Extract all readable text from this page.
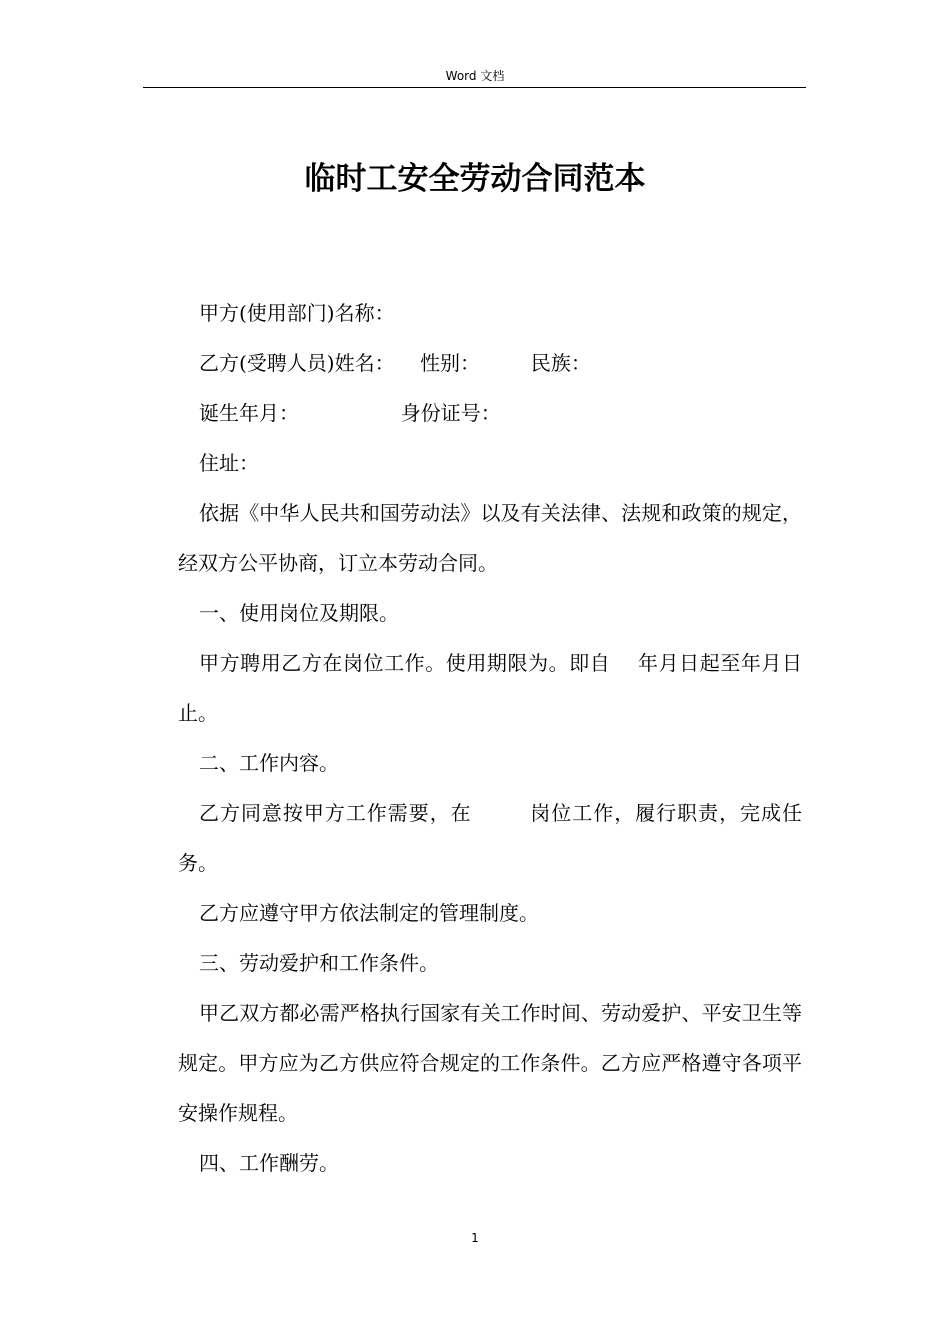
Word 文档
临时工安全劳动合同范本

甲方(使用部门)名称：

乙方(受聘人员)姓名：    性别：        民族：

诞生年月：                身份证号：

住址：

依据《中华人民共和国劳动法》以及有关法律、法规和政策的规定，经双方公平协商，订立本劳动合同。

一、使用岗位及期限。

甲方聘用乙方在岗位工作。使用期限为。即自    年月日起至年月日止。

二、工作内容。

乙方同意按甲方工作需要，在        岗位工作，履行职责，完成任务。

乙方应遵守甲方依法制定的管理制度。

三、劳动爱护和工作条件。

甲乙双方都必需严格执行国家有关工作时间、劳动爱护、平安卫生等规定。甲方应为乙方供应符合规定的工作条件。乙方应严格遵守各项平安操作规程。

四、工作酬劳。

1
